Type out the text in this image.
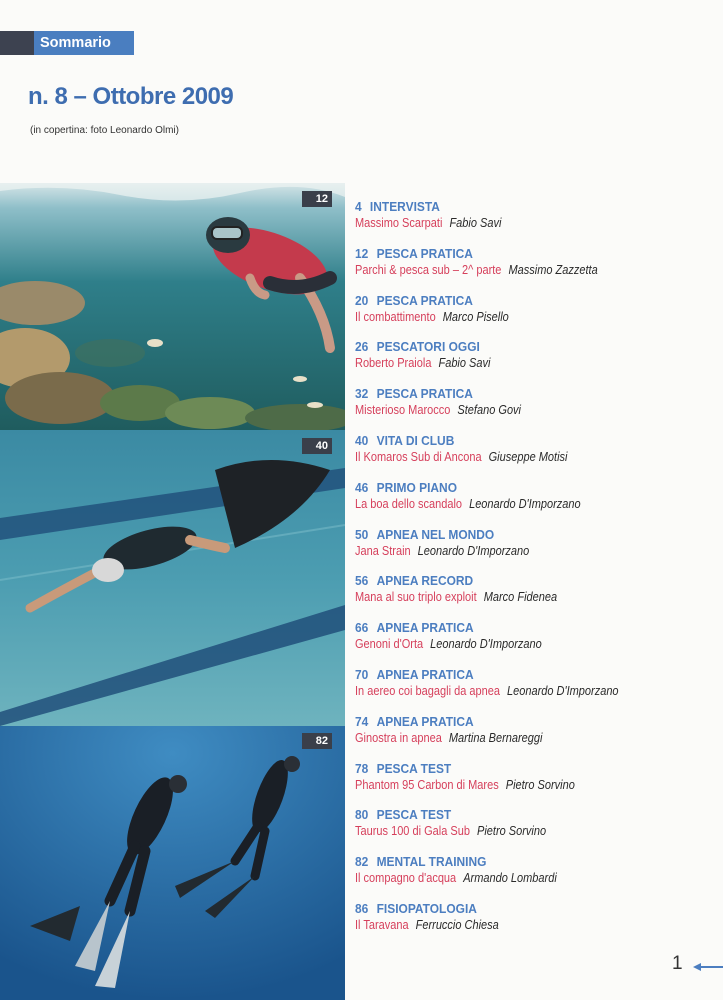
Sommario
n. 8 – Ottobre 2009
(in copertina: foto Leonardo Olmi)
12
40
82
4 INTERVISTA
Massimo Scarpati Fabio Savi
12 PESCA PRATICA
Parchi & pesca sub – 2^ parte Massimo Zazzetta
20 PESCA PRATICA
Il combattimento Marco Pisello
26 PESCATORI OGGI
Roberto Praiola Fabio Savi
32 PESCA PRATICA
Misterioso Marocco Stefano Govi
40 VITA DI CLUB
Il Komaros Sub di Ancona Giuseppe Motisi
46 PRIMO PIANO
La boa dello scandalo Leonardo D'Imporzano
50 APNEA NEL MONDO
Jana Strain Leonardo D'Imporzano
56 APNEA RECORD
Mana al suo triplo exploit Marco Fidenea
66 APNEA PRATICA
Genoni d'Orta Leonardo D'Imporzano
70 APNEA PRATICA
In aereo coi bagagli da apnea Leonardo D'Imporzano
74 APNEA PRATICA
Ginostra in apnea Martina Bernareggi
78 PESCA TEST
Phantom 95 Carbon di Mares Pietro Sorvino
80 PESCA TEST
Taurus 100 di Gala Sub Pietro Sorvino
82 MENTAL TRAINING
Il compagno d'acqua Armando Lombardi
86 FISIOPATOLOGIA
Il Taravana Ferruccio Chiesa
1
